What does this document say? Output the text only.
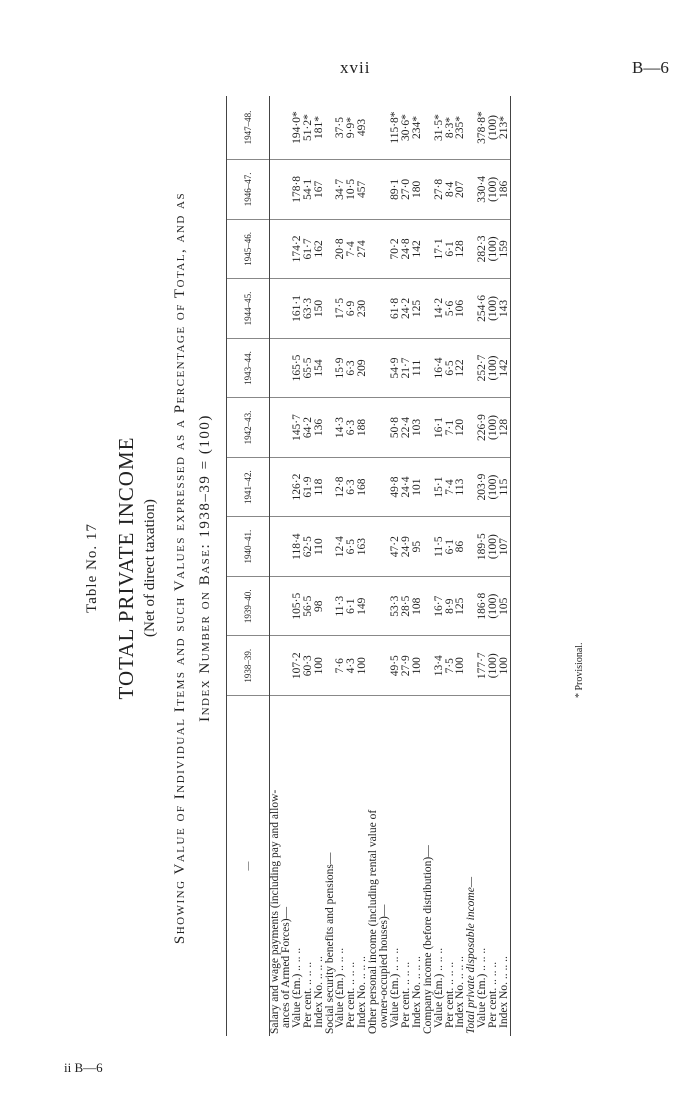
xvii	B—6
ii B—6
Table No. 17 TOTAL PRIVATE INCOME (Net of direct taxation) Showing Value of Individual Items and such Values expressed as a Percentage of Total, and as Index Number on Base: 1938–39 = (100)
—	1938–39.	1939–40.	1940–41.	1941–42.	1942–43.	1943–44.	1944–45.	1945–46.	1946–47.	1947–48.
Salary and wage payments (including pay and allow-										
ances of Armed Forces)—										
Value (£m.) .. .. ..	107·2	105·5	118·4	126·2	145·7	165·5	161·1	174·2	178·8	194·0*
Per cent. .. .. ..	60·3	56·5	62·5	61·9	64·2	65·5	63·3	61·7	54·1	51·2*
Index No. .. .. ..	100	98	110	118	136	154	150	162	167	181*
Social security benefits and pensions—										
Value (£m.) .. .. ..	7·6	11·3	12·4	12·8	14·3	15·9	17·5	20·8	34·7	37·5
Per cent. .. .. ..	4·3	6·1	6·5	6·3	6·3	6·3	6·9	7·4	10·5	9·9*
Index No. .. .. ..	100	149	163	168	188	209	230	274	457	493
Other personal income (including rental value of										
owner-occupied houses)—										
Value (£m.) .. .. ..	49·5	53·3	47·2	49·8	50·8	54·9	61·8	70·2	89·1	115·8*
Per cent. .. .. ..	27·9	28·5	24·9	24·4	22·4	21·7	24·2	24·8	27·0	30·6*
Index No. .. .. ..	100	108	95	101	103	111	125	142	180	234*
Company income (before distribution)—										
Value (£m.) .. .. ..	13·4	16·7	11·5	15·1	16·1	16·4	14·2	17·1	27·8	31·5*
Per cent. .. .. ..	7·5	8·9	6·1	7·4	7·1	6·5	5·6	6·1	8·4	8·3*
Index No. .. .. ..	100	125	86	113	120	122	106	128	207	235*
Total private disposable income—										
Value (£m.) .. .. ..	177·7	186·8	189·5	203·9	226·9	252·7	254·6	282·3	330·4	378·8*
Per cent. .. .. ..	(100)	(100)	(100)	(100)	(100)	(100)	(100)	(100)	(100)	(100)
Index No. .. .. ..	100	105	107	115	128	142	143	159	186	213*
* Provisional.
